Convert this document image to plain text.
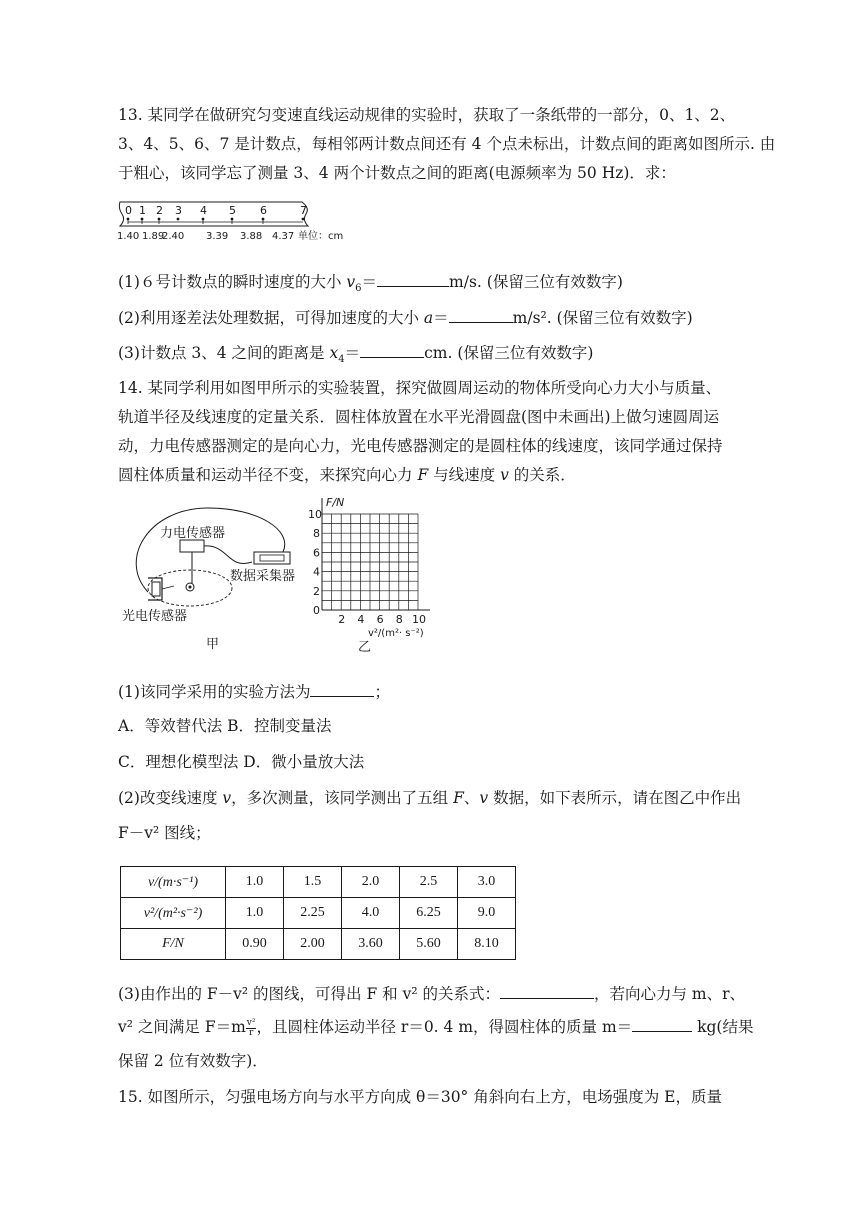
13. 某同学在做研究匀变速直线运动规律的实验时，获取了一条纸带的一部分，0、1、2、
3、4、5、6、7 是计数点，每相邻两计数点间还有 4 个点未标出，计数点间的距离如图所示. 由
于粗心，该同学忘了测量 3、4 两个计数点之间的距离(电源频率为 50 Hz)．求：
0 1 2 3 4 5 6	7
1.40 1.89
2.40 3.39 3.88 4.37 单位：cm
(1)６号计数点的瞬时速度的大小 $v_6=$	m/s. (保留三位有效数字)
(2)利用逐差法处理数据，可得加速度的大小 a＝	m/s². (保留三位有效数字)
(3)计数点 3、4 之间的距离是 $x_4=$	cm. (保留三位有效数字)
14. 某同学利用如图甲所示的实验装置，探究做圆周运动的物体所受向心力大小与质量、
轨道半径及线速度的定量关系．圆柱体放置在水平光滑圆盘(图中未画出)上做匀速圆周运
动，力电传感器测定的是向心力，光电传感器测定的是圆柱体的线速度，该同学通过保持
圆柱体质量和运动半径不变，来探究向心力 F 与线速度 v 的关系．
力电传感器
数据采集器
光电传感器
甲
0
2
4
6
8
10
2 4 6 8 10
F/N
v²/(m²· s⁻²)
乙
(1)该同学采用的实验方法为	；
A．等效替代法 B．控制变量法
C．理想化模型法 D．微小量放大法
(2)改变线速度 v，多次测量，该同学测出了五组 F、v 数据，如下表所示，请在图乙中作出
F－v² 图线；
v/(m·s⁻¹)	1.0	1.5	2.0	2.5	3.0
v²/(m²·s⁻²)	1.0	2.25	4.0	6.25	9.0
F/N	0.90	2.00	3.60	5.60	8.10
(3)由作出的 F－v² 的图线，可得出 F 和 v² 的关系式：	，若向心力与 m、r、
v² 之间满足 $F=m \frac{\text{v²}}{r}$ ，且圆柱体运动半径 r＝0. 4 m，得圆柱体的质量 m＝	kg(结果
保留 2 位有效数字)．
15. 如图所示，匀强电场方向与水平方向成 θ＝30° 角斜向右上方，电场强度为 E，质量
